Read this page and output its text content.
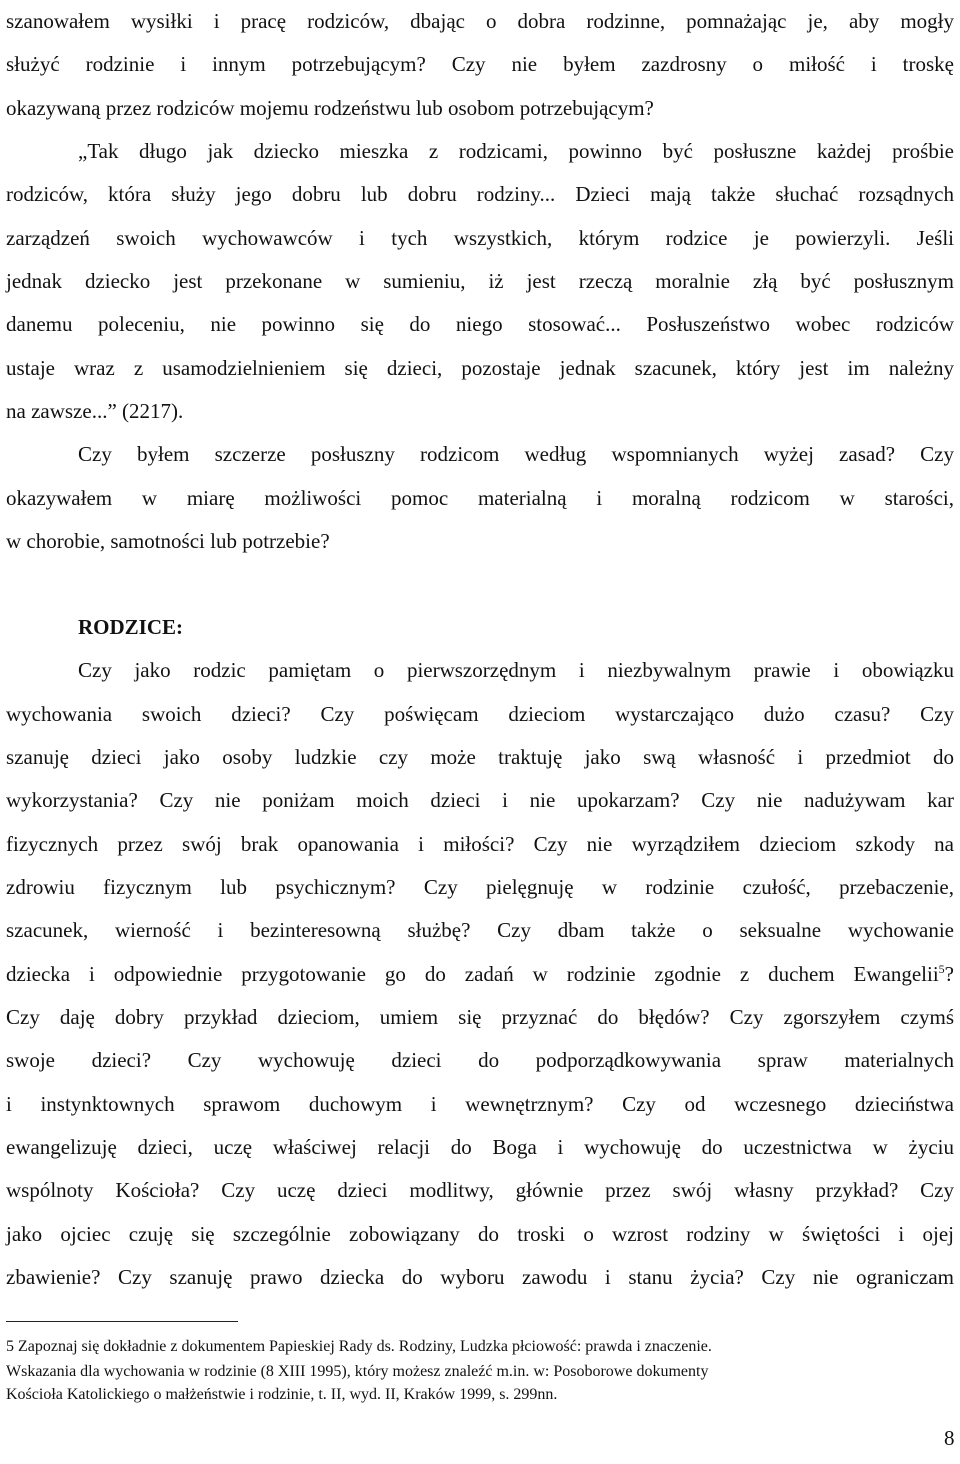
szanowałem wysiłki i pracę rodziców, dbając o dobra rodzinne, pomnażając je, aby mogły
służyć rodzinie i innym potrzebującym? Czy nie byłem zazdrosny o miłość i troskę
okazywaną przez rodziców mojemu rodzeństwu lub osobom potrzebującym?
„Tak długo jak dziecko mieszka z rodzicami, powinno być posłuszne każdej prośbie
rodziców, która służy jego dobru lub dobru rodziny... Dzieci mają także słuchać rozsądnych
zarządzeń swoich wychowawców i tych wszystkich, którym rodzice je powierzyli. Jeśli
jednak dziecko jest przekonane w sumieniu, iż jest rzeczą moralnie złą być posłusznym
danemu poleceniu, nie powinno się do niego stosować... Posłuszeństwo wobec rodziców
ustaje wraz z usamodzielnieniem się dzieci, pozostaje jednak szacunek, który jest im należny
na zawsze...” (2217).
Czy byłem szczerze posłuszny rodzicom według wspomnianych wyżej zasad? Czy
okazywałem w miarę możliwości pomoc materialną i moralną rodzicom w starości,
w chorobie, samotności lub potrzebie?
RODZICE:
Czy jako rodzic pamiętam o pierwszorzędnym i niezbywalnym prawie i obowiązku
wychowania swoich dzieci? Czy poświęcam dzieciom wystarczająco dużo czasu? Czy
szanuję dzieci jako osoby ludzkie czy może traktuję jako swą własność i przedmiot do
wykorzystania? Czy nie poniżam moich dzieci i nie upokarzam? Czy nie nadużywam kar
fizycznych przez swój brak opanowania i miłości? Czy nie wyrządziłem dzieciom szkody na
zdrowiu fizycznym lub psychicznym? Czy pielęgnuję w rodzinie czułość, przebaczenie,
szacunek, wierność i bezinteresowną służbę? Czy dbam także o seksualne wychowanie
dziecka i odpowiednie przygotowanie go do zadań w rodzinie zgodnie z duchem Ewangelii$^5$?
Czy daję dobry przykład dzieciom, umiem się przyznać do błędów? Czy zgorszyłem czymś
swoje dzieci? Czy wychowuję dzieci do podporządkowywania spraw materialnych
i instynktownych sprawom duchowym i wewnętrznym? Czy od wczesnego dzieciństwa
ewangelizuję dzieci, uczę właściwej relacji do Boga i wychowuję do uczestnictwa w życiu
wspólnoty Kościoła? Czy uczę dzieci modlitwy, głównie przez swój własny przykład? Czy
jako ojciec czuję się szczególnie zobowiązany do troski o wzrost rodziny w świętości i ojej
zbawienie? Czy szanuję prawo dziecka do wyboru zawodu i stanu życia? Czy nie ograniczam
5 Zapoznaj się dokładnie z dokumentem Papieskiej Rady ds. Rodziny, Ludzka płciowość: prawda i znaczenie.
Wskazania dla wychowania w rodzinie (8 XIII 1995), który możesz znaleźć m.in. w: Posoborowe dokumenty
Kościoła Katolickiego o małżeństwie i rodzinie, t. II, wyd. II, Kraków 1999, s. 299nn.
8
